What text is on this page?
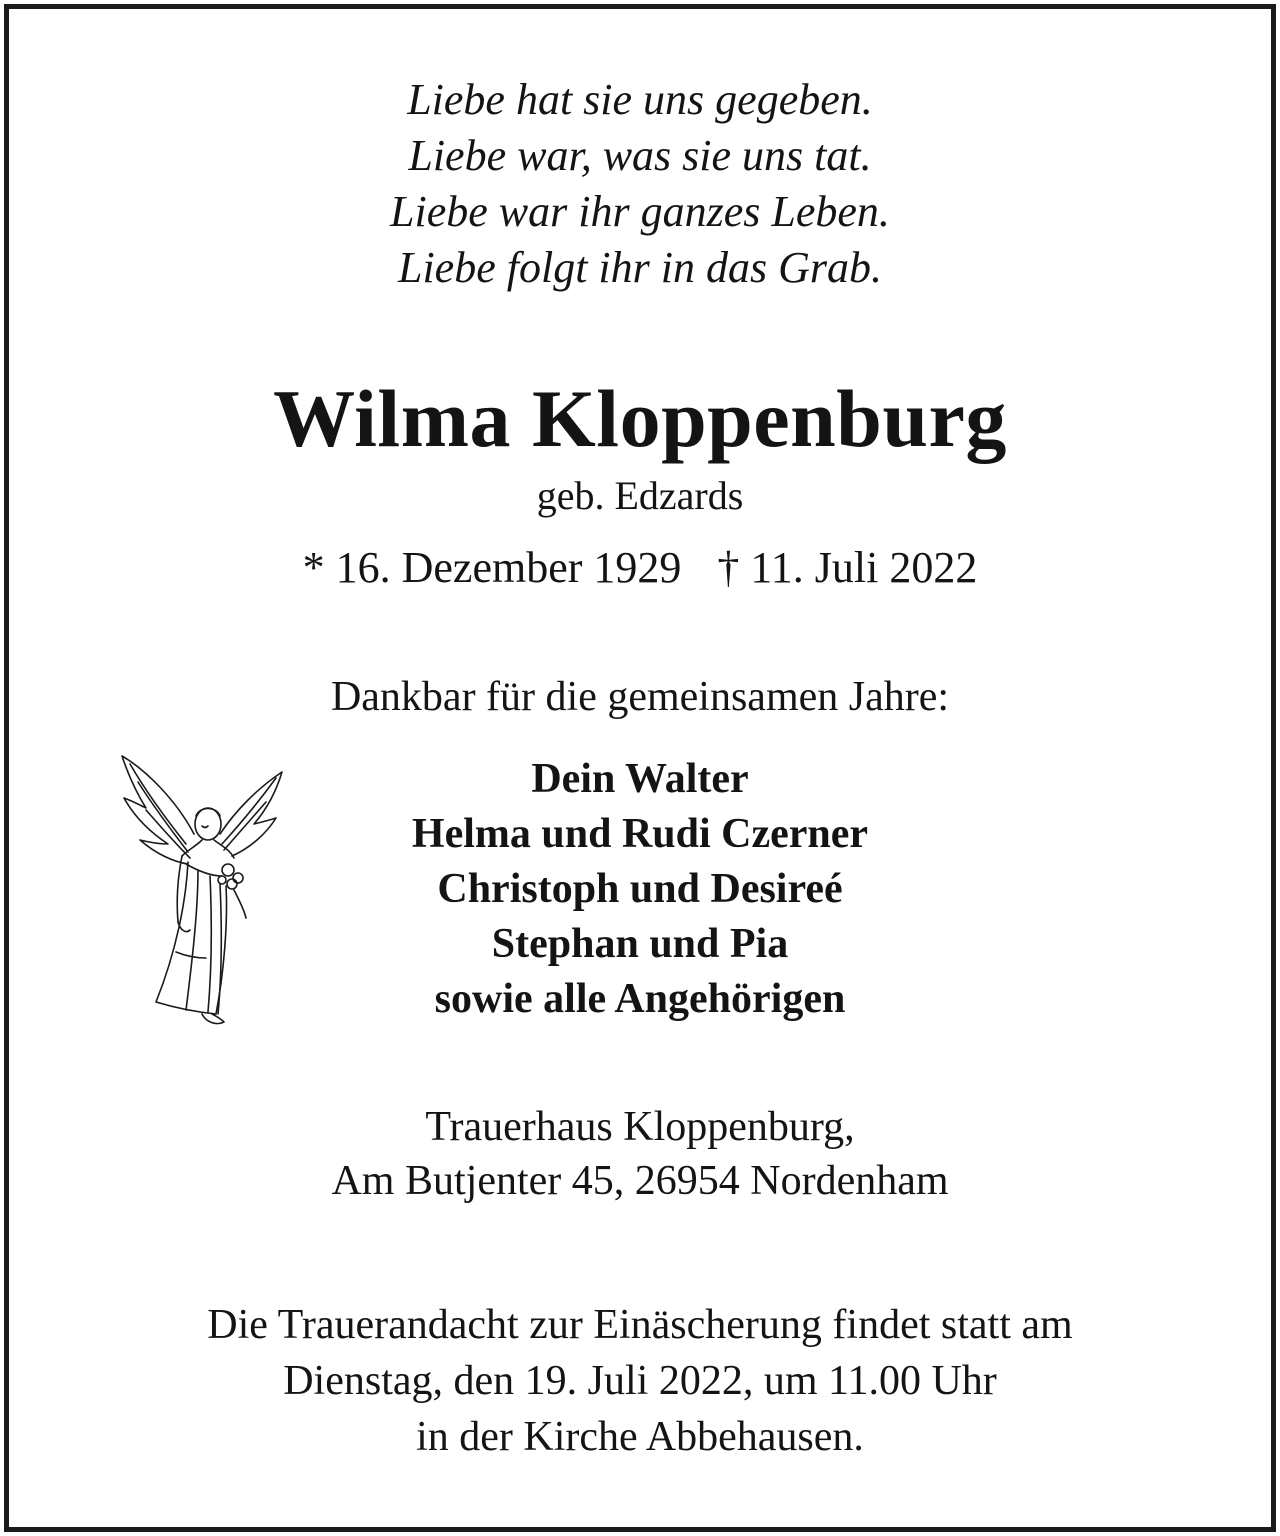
Liebe hat sie uns gegeben.

Liebe war, was sie uns tat.

Liebe war ihr ganzes Leben.

Liebe folgt ihr in das Grab.

Wilma Kloppenburg

geb. Edzards

* 16. Dezember 1929 † 11. Juli 2022

Dankbar für die gemeinsamen Jahre:

Dein Walter

Helma und Rudi Czerner

Christoph und Desireé

Stephan und Pia

sowie alle Angehörigen

Trauerhaus Kloppenburg,

Am Butjenter 45, 26954 Nordenham

Die Trauerandacht zur Einäscherung findet statt am

Dienstag, den 19. Juli 2022, um 11.00 Uhr

in der Kirche Abbehausen.
